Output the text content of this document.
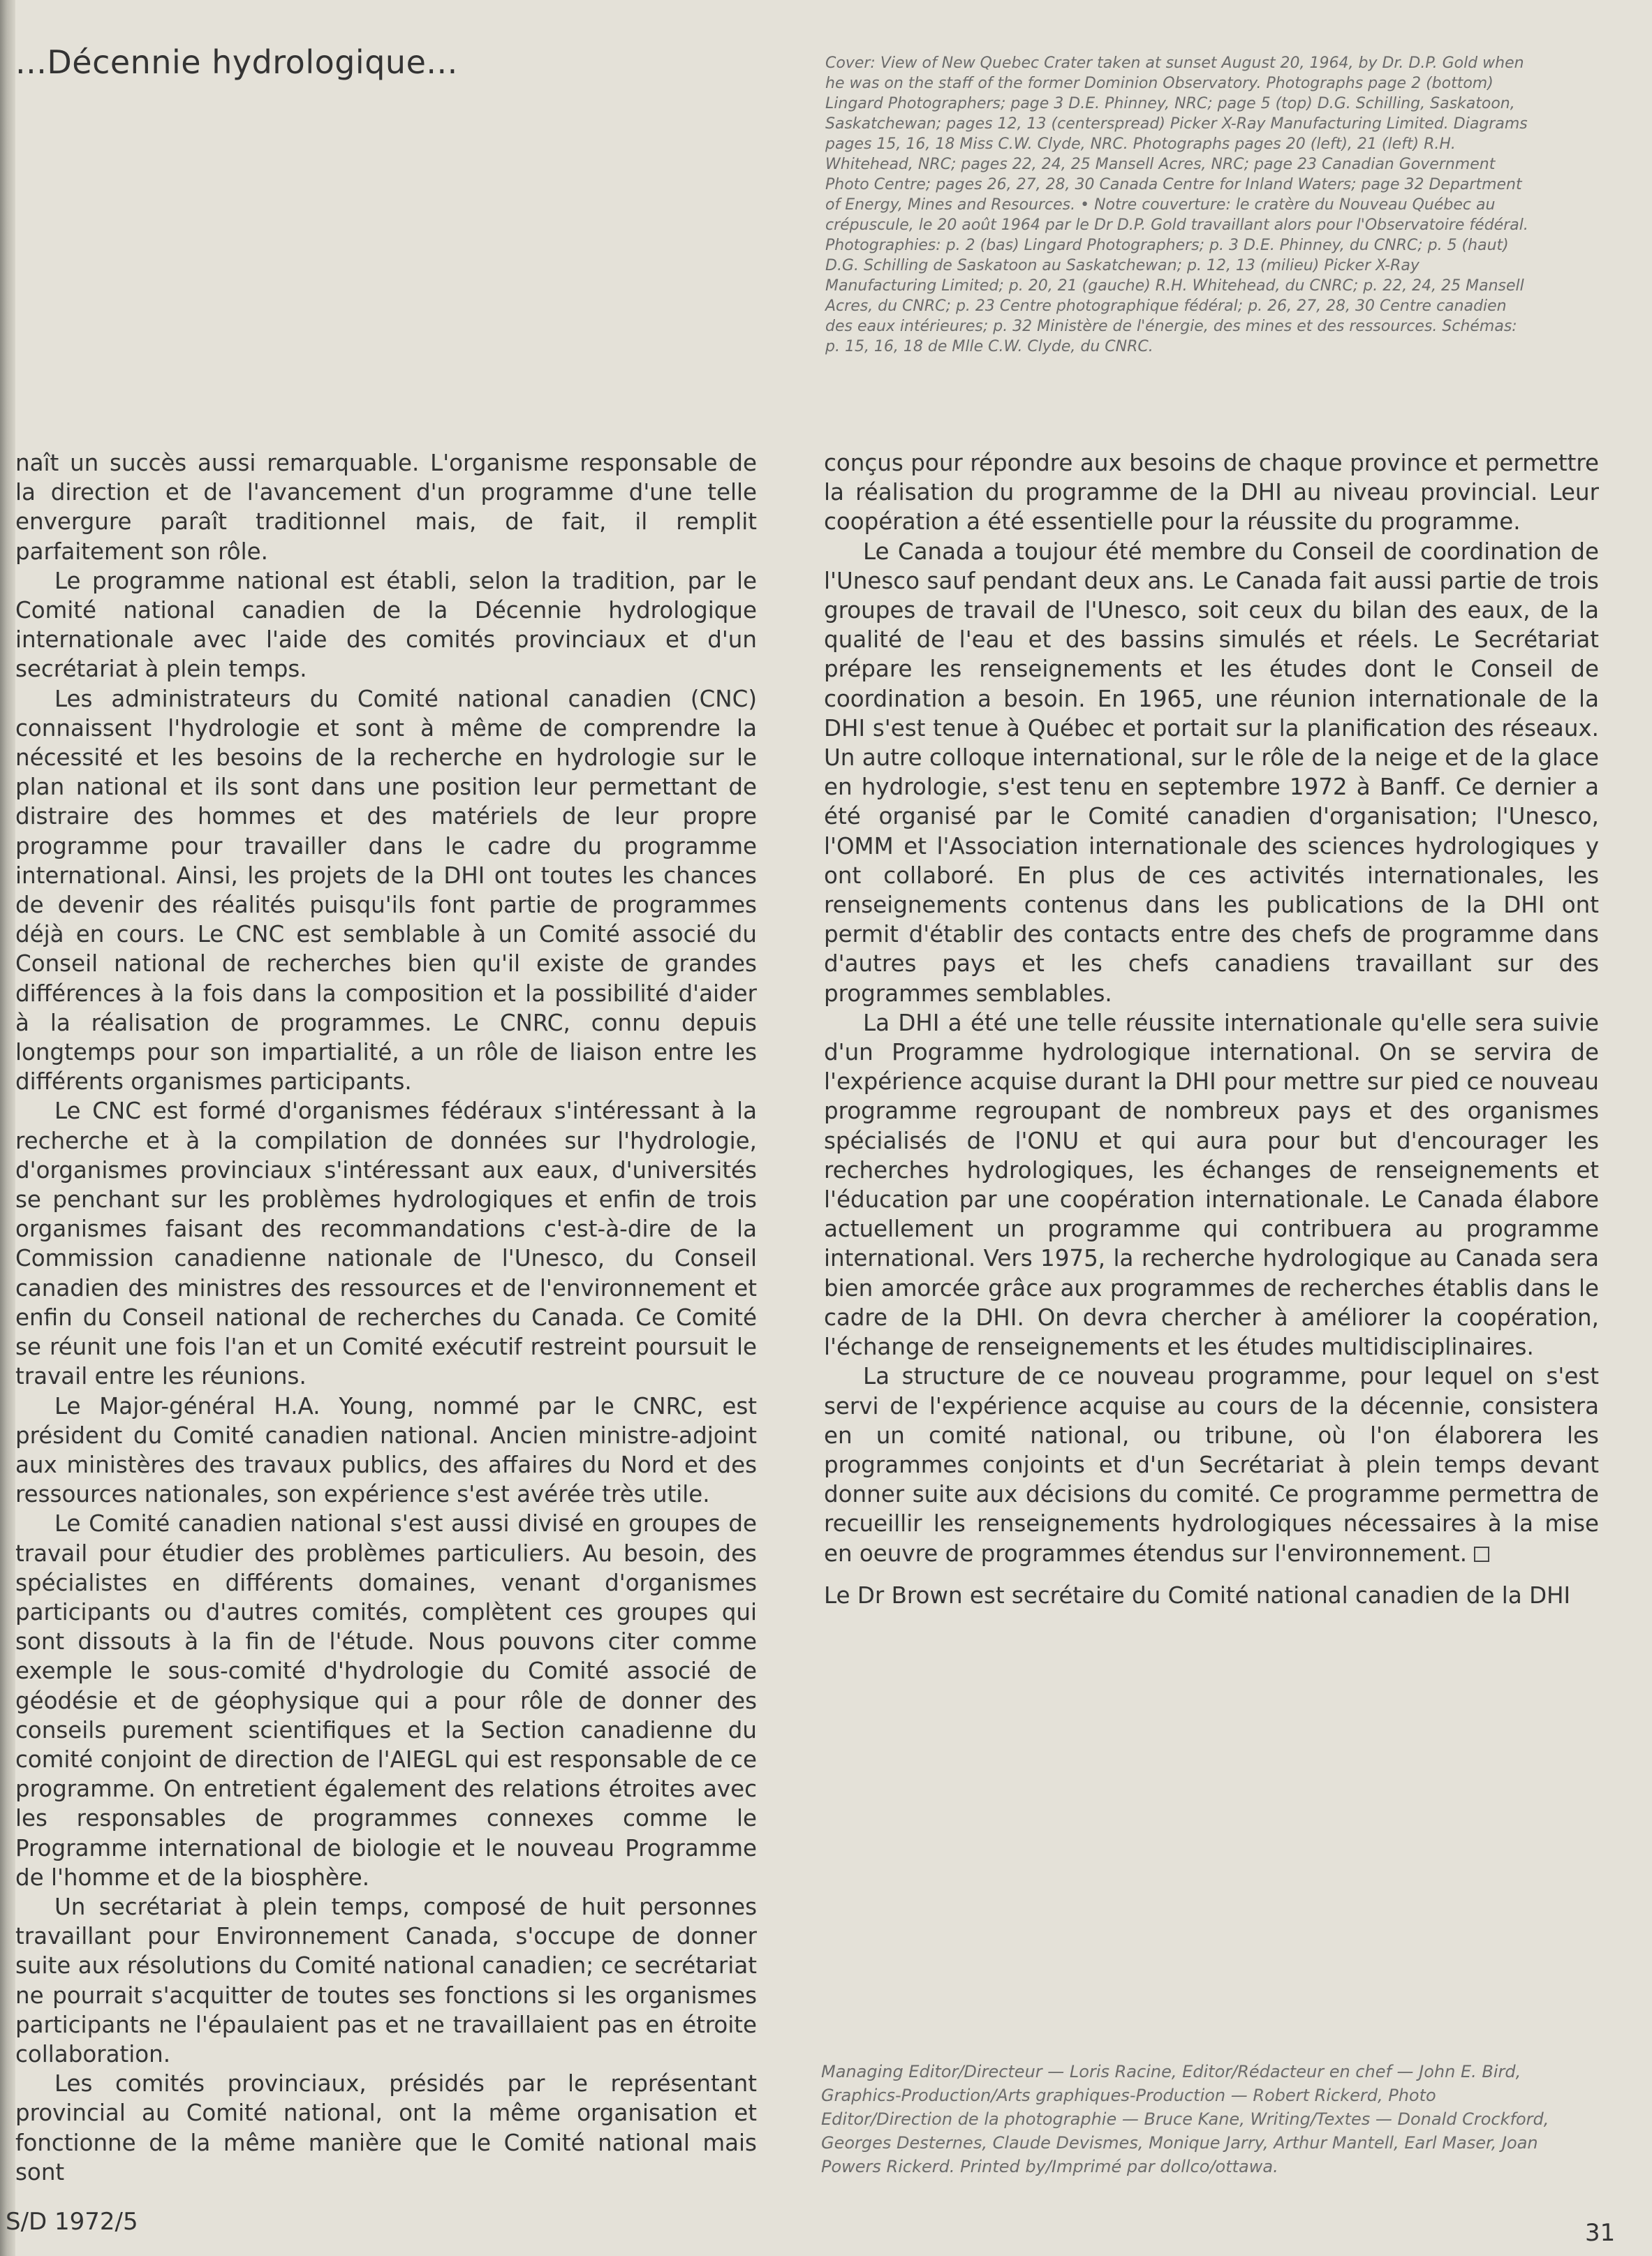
...Décennie hydrologique...	Cover: View of New Quebec Crater taken at sunset August 20, 1964, by Dr. D.P. Gold when he was on the staff of the former Dominion Observatory. Photographs page 2 (bottom) Lingard Photographers; page 3 D.E. Phinney, NRC; page 5 (top) D.G. Schilling, Saskatoon, Saskatchewan; pages 12, 13 (centerspread) Picker X-Ray Manufacturing Limited. Diagrams pages 15, 16, 18 Miss C.W. Clyde, NRC. Photographs pages 20 (left), 21 (left) R.H. Whitehead, NRC; pages 22, 24, 25 Mansell Acres, NRC; page 23 Canadian Government Photo Centre; pages 26, 27, 28, 30 Canada Centre for Inland Waters; page 32 Department of Energy, Mines and Resources. • Notre couverture: le cratère du Nouveau Québec au crépuscule, le 20 août 1964 par le Dr D.P. Gold travaillant alors pour l'Observatoire fédéral. Photographies: p. 2 (bas) Lingard Photographers; p. 3 D.E. Phinney, du CNRC; p. 5 (haut) D.G. Schilling de Saskatoon au Saskatchewan; p. 12, 13 (milieu) Picker X-Ray Manufacturing Limited; p. 20, 21 (gauche) R.H. Whitehead, du CNRC; p. 22, 24, 25 Mansell Acres, du CNRC; p. 23 Centre photographique fédéral; p. 26, 27, 28, 30 Centre canadien des eaux intérieures; p. 32 Ministère de l'énergie, des mines et des ressources. Schémas: p. 15, 16, 18 de Mlle C.W. Clyde, du CNRC.

naît un succès aussi remarquable. L'organisme responsable de la direction et de l'avancement d'un programme d'une telle envergure paraît traditionnel mais, de fait, il remplit parfaitement son rôle.

Le programme national est établi, selon la tradition, par le Comité national canadien de la Décennie hydrologique internationale avec l'aide des comités provinciaux et d'un secrétariat à plein temps.

Les administrateurs du Comité national canadien (CNC) connaissent l'hydrologie et sont à même de comprendre la nécessité et les besoins de la recherche en hydrologie sur le plan national et ils sont dans une position leur permettant de distraire des hommes et des matériels de leur propre programme pour travailler dans le cadre du programme international. Ainsi, les projets de la DHI ont toutes les chances de devenir des réalités puisqu'ils font partie de programmes déjà en cours. Le CNC est semblable à un Comité associé du Conseil national de recherches bien qu'il existe de grandes différences à la fois dans la composition et la possibilité d'aider à la réalisation de programmes. Le CNRC, connu depuis longtemps pour son impartialité, a un rôle de liaison entre les différents organismes participants.

Le CNC est formé d'organismes fédéraux s'intéressant à la recherche et à la compilation de données sur l'hydrologie, d'organismes provinciaux s'intéressant aux eaux, d'universités se penchant sur les problèmes hydrologiques et enfin de trois organismes faisant des recommandations c'est-à-dire de la Commission canadienne nationale de l'Unesco, du Conseil canadien des ministres des ressources et de l'environnement et enfin du Conseil national de recherches du Canada. Ce Comité se réunit une fois l'an et un Comité exécutif restreint poursuit le travail entre les réunions.

Le Major-général H.A. Young, nommé par le CNRC, est président du Comité canadien national. Ancien ministre-adjoint aux ministères des travaux publics, des affaires du Nord et des ressources nationales, son expérience s'est avérée très utile.

Le Comité canadien national s'est aussi divisé en groupes de travail pour étudier des problèmes particuliers. Au besoin, des spécialistes en différents domaines, venant d'organismes participants ou d'autres comités, complètent ces groupes qui sont dissouts à la fin de l'étude. Nous pouvons citer comme exemple le sous-comité d'hydrologie du Comité associé de géodésie et de géophysique qui a pour rôle de donner des conseils purement scientifiques et la Section canadienne du comité conjoint de direction de l'AIEGL qui est responsable de ce programme. On entretient également des relations étroites avec les responsables de programmes connexes comme le Programme international de biologie et le nouveau Programme de l'homme et de la biosphère.

Un secrétariat à plein temps, composé de huit personnes travaillant pour Environnement Canada, s'occupe de donner suite aux résolutions du Comité national canadien; ce secrétariat ne pourrait s'acquitter de toutes ses fonctions si les organismes participants ne l'épaulaient pas et ne travaillaient pas en étroite collaboration.

Les comités provinciaux, présidés par le représentant provincial au Comité national, ont la même organisation et fonctionne de la même manière que le Comité national mais sont

conçus pour répondre aux besoins de chaque province et permettre la réalisation du programme de la DHI au niveau provincial. Leur coopération a été essentielle pour la réussite du programme.

Le Canada a toujour été membre du Conseil de coordination de l'Unesco sauf pendant deux ans. Le Canada fait aussi partie de trois groupes de travail de l'Unesco, soit ceux du bilan des eaux, de la qualité de l'eau et des bassins simulés et réels. Le Secrétariat prépare les renseignements et les études dont le Conseil de coordination a besoin. En 1965, une réunion internationale de la DHI s'est tenue à Québec et portait sur la planification des réseaux. Un autre colloque international, sur le rôle de la neige et de la glace en hydrologie, s'est tenu en septembre 1972 à Banff. Ce dernier a été organisé par le Comité canadien d'organisation; l'Unesco, l'OMM et l'Association internationale des sciences hydrologiques y ont collaboré. En plus de ces activités internationales, les renseignements contenus dans les publications de la DHI ont permit d'établir des contacts entre des chefs de programme dans d'autres pays et les chefs canadiens travaillant sur des programmes semblables.

La DHI a été une telle réussite internationale qu'elle sera suivie d'un Programme hydrologique international. On se servira de l'expérience acquise durant la DHI pour mettre sur pied ce nouveau programme regroupant de nombreux pays et des organismes spécialisés de l'ONU et qui aura pour but d'encourager les recherches hydrologiques, les échanges de renseignements et l'éducation par une coopération internationale. Le Canada élabore actuellement un programme qui contribuera au programme international. Vers 1975, la recherche hydrologique au Canada sera bien amorcée grâce aux programmes de recherches établis dans le cadre de la DHI. On devra chercher à améliorer la coopération, l'échange de renseignements et les études multidisciplinaires.

La structure de ce nouveau programme, pour lequel on s'est servi de l'expérience acquise au cours de la décennie, consistera en un comité national, ou tribune, où l'on élaborera les programmes conjoints et d'un Secrétariat à plein temps devant donner suite aux décisions du comité. Ce programme permettra de recueillir les renseignements hydrologiques nécessaires à la mise en oeuvre de programmes étendus sur l'environnement.

Le Dr Brown est secrétaire du Comité national canadien de la DHI

Managing Editor/Directeur — Loris Racine, Editor/Rédacteur en chef — John E. Bird, Graphics-Production/Arts graphiques-Production — Robert Rickerd, Photo Editor/Direction de la photographie — Bruce Kane, Writing/Textes — Donald Crockford, Georges Desternes, Claude Devismes, Monique Jarry, Arthur Mantell, Earl Maser, Joan Powers Rickerd. Printed by/Imprimé par dollco/ottawa.

S/D 1972/5	31
